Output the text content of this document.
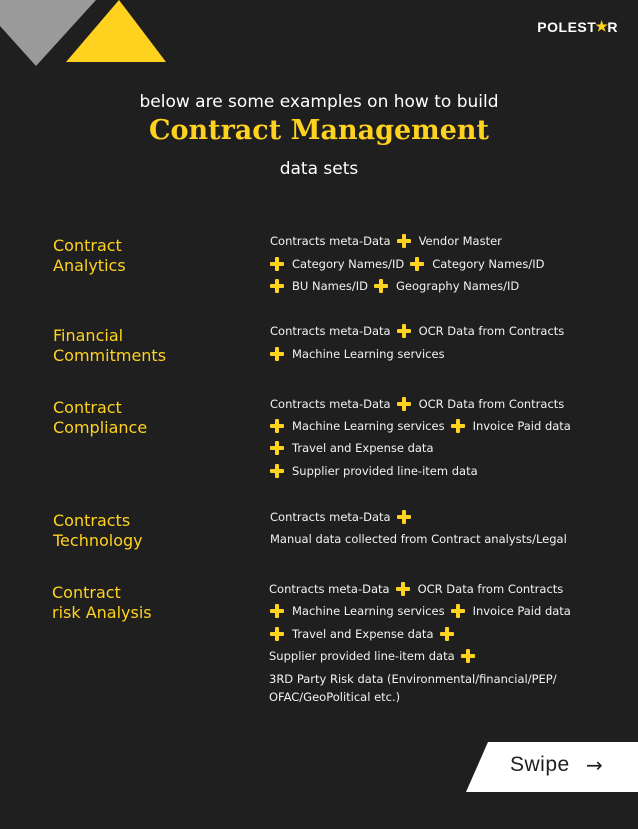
POLEST ★ R
below are some examples on how to build
Contract Management
data sets
Contract
Analytics
Contracts meta-Data Vendor Master
Category Names/ID Category Names/ID
BU Names/ID Geography Names/ID
Financial
Commitments
Contracts meta-Data OCR Data from Contracts
Machine Learning services
Contract
Compliance
Contracts meta-Data OCR Data from Contracts
Machine Learning services Invoice Paid data
Travel and Expense data
Supplier provided line-item data
Contracts
Technology
Contracts meta-Data
Manual data collected from Contract analysts/Legal
Contract
risk Analysis
Contracts meta-Data OCR Data from Contracts
Machine Learning services Invoice Paid data
Travel and Expense data
Supplier provided line-item data
3RD Party Risk data (Environmental/financial/PEP/
OFAC/GeoPolitical etc.)
Swipe →
